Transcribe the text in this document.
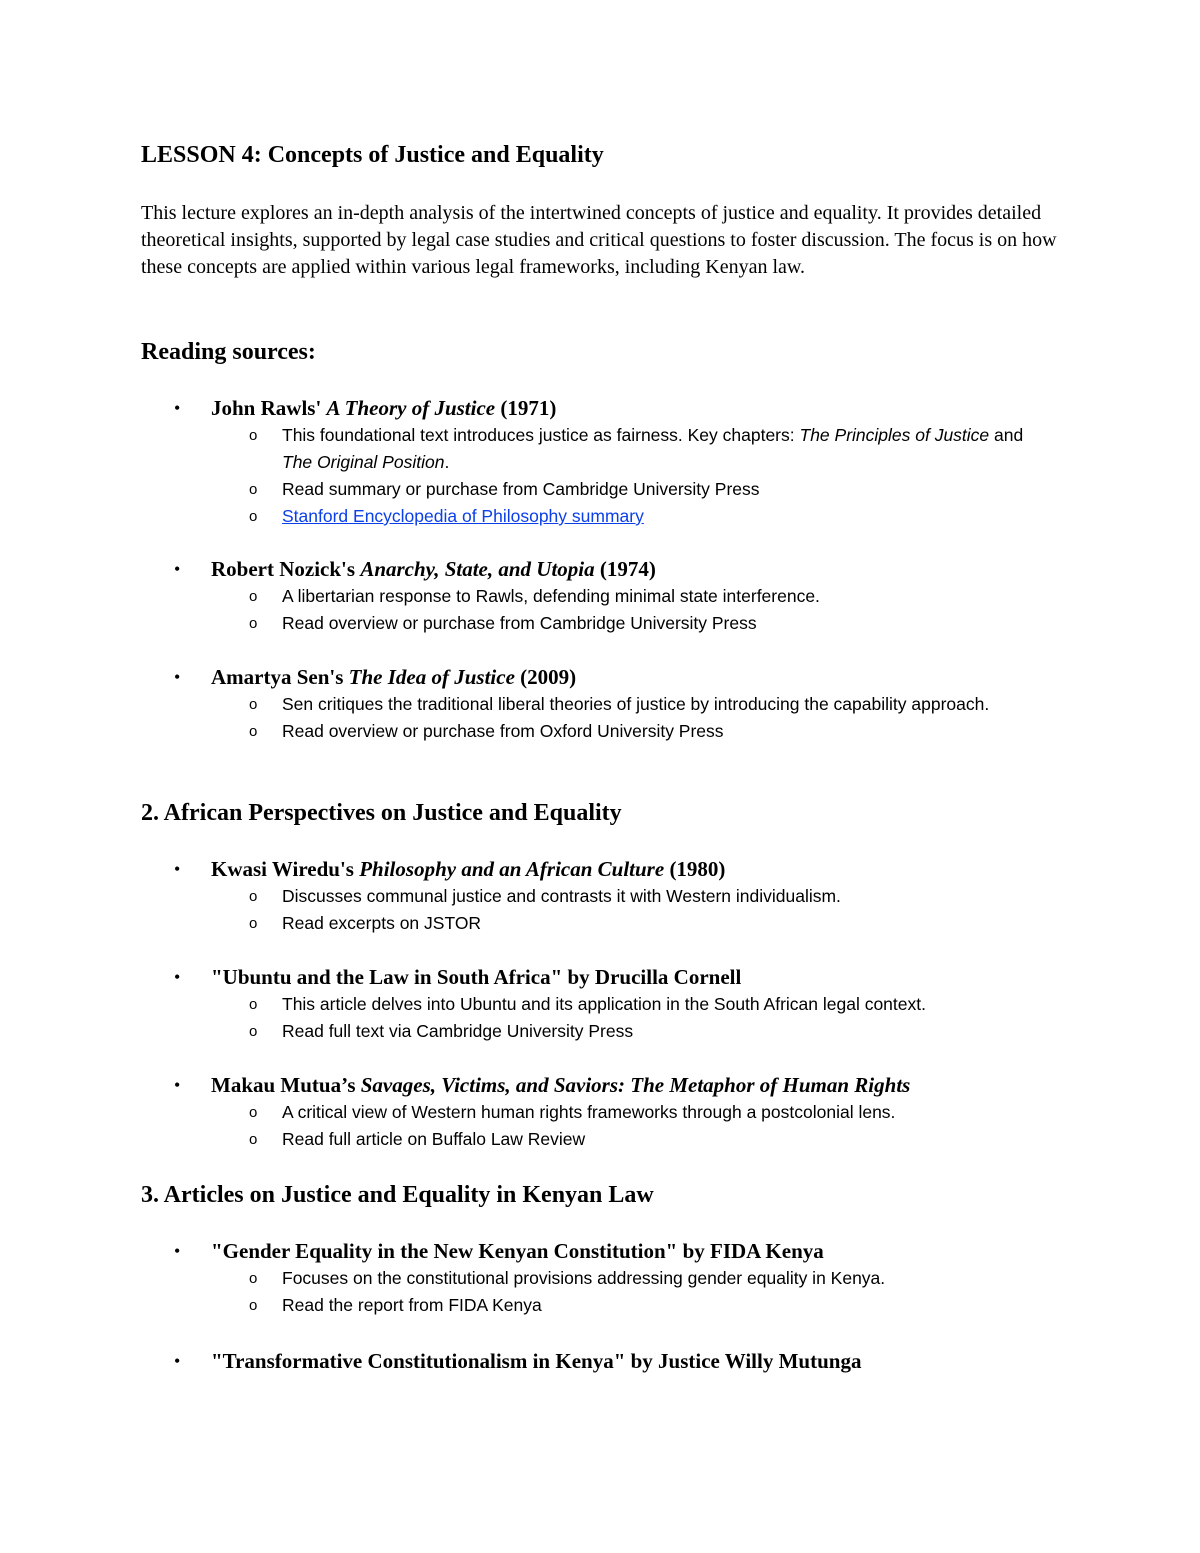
LESSON 4: Concepts of Justice and Equality
This lecture explores an in-depth analysis of the intertwined concepts of justice and equality. It provides detailed theoretical insights, supported by legal case studies and critical questions to foster discussion. The focus is on how these concepts are applied within various legal frameworks, including Kenyan law.
Reading sources:
• John Rawls' A Theory of Justice (1971)
o This foundational text introduces justice as fairness. Key chapters: The Principles of Justice and The Original Position.
o Read summary or purchase from Cambridge University Press
o Stanford Encyclopedia of Philosophy summary
• Robert Nozick's Anarchy, State, and Utopia (1974)
o A libertarian response to Rawls, defending minimal state interference.
o Read overview or purchase from Cambridge University Press
• Amartya Sen's The Idea of Justice (2009)
o Sen critiques the traditional liberal theories of justice by introducing the capability approach.
o Read overview or purchase from Oxford University Press
2. African Perspectives on Justice and Equality
• Kwasi Wiredu's Philosophy and an African Culture (1980)
o Discusses communal justice and contrasts it with Western individualism.
o Read excerpts on JSTOR
• "Ubuntu and the Law in South Africa" by Drucilla Cornell
o This article delves into Ubuntu and its application in the South African legal context.
o Read full text via Cambridge University Press
• Makau Mutua’s Savages, Victims, and Saviors: The Metaphor of Human Rights
o A critical view of Western human rights frameworks through a postcolonial lens.
o Read full article on Buffalo Law Review
3. Articles on Justice and Equality in Kenyan Law
• "Gender Equality in the New Kenyan Constitution" by FIDA Kenya
o Focuses on the constitutional provisions addressing gender equality in Kenya.
o Read the report from FIDA Kenya
• "Transformative Constitutionalism in Kenya" by Justice Willy Mutunga
